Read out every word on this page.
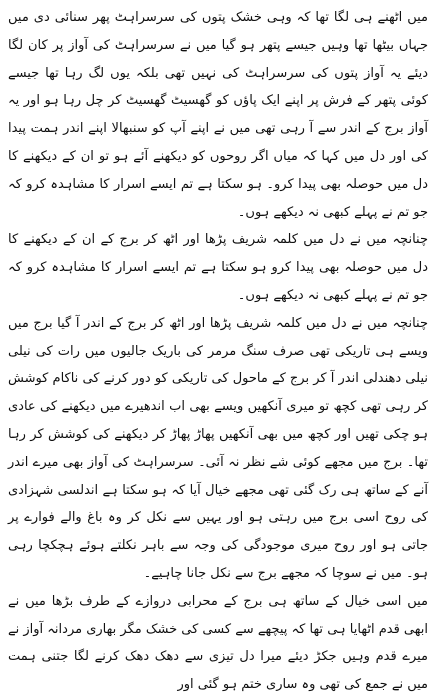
میں اٹھنے ہی لگا تھا کہ وہی خشک پتوں کی سرسراہٹ پھر سنائی دی میں جہاں بیٹھا تھا وہیں جیسے پتھر ہو گیا میں نے سرسراہٹ کی آواز پر کان لگا دیئے یہ آواز پتوں کی سرسراہٹ کی نہیں تھی بلکہ یوں لگ رہا تھا جیسے کوئی پتھر کے فرش پر اپنے ایک پاؤں کو گھسیٹ گھسیٹ کر چل رہا ہو اور یہ آواز برج کے اندر سے آ رہی تھی میں نے اپنے آپ کو سنبھالا اپنے اندر ہمت پیدا کی اور دل میں کہا کہ میاں اگر روحوں کو دیکھنے آئے ہو تو ان کے دیکھنے کا دل میں حوصلہ بھی پیدا کرو۔ ہو سکتا ہے تم ایسے اسرار کا مشاہدہ کرو کہ جو تم نے پہلے کبھی نہ دیکھے ہوں۔

چنانچہ میں نے دل میں کلمہ شریف پڑھا اور اٹھ کر برج کے ان کے دیکھنے کا دل میں حوصلہ بھی پیدا کرو ہو سکتا ہے تم ایسے اسرار کا مشاہدہ کرو کہ جو تم نے پہلے کبھی نہ دیکھے ہوں۔

چنانچہ میں نے دل میں کلمہ شریف پڑھا اور اٹھ کر برج کے اندر آ گیا برج میں ویسے ہی تاریکی تھی صرف سنگ مرمر کی باریک جالیوں میں رات کی نیلی نیلی دھندلی اندر آ کر برج کے ماحول کی تاریکی کو دور کرنے کی ناکام کوشش کر رہی تھی کچھ تو میری آنکھیں ویسے بھی اب اندھیرے میں دیکھنے کی عادی ہو چکی تھیں اور کچھ میں بھی آنکھیں پھاڑ پھاڑ کر دیکھنے کی کوشش کر رہا تھا۔ برج میں مجھے کوئی شے نظر نہ آئی۔ سرسراہٹ کی آواز بھی میرے اندر آنے کے ساتھ ہی رک گئی تھی مجھے خیال آیا کہ ہو سکتا ہے اندلسی شہزادی کی روح اسی برج میں رہتی ہو اور یہیں سے نکل کر وہ باغ والے فوارے پر جاتی ہو اور روح میری موجودگی کی وجہ سے باہر نکلتے ہوئے ہچکچا رہی ہو۔ میں نے سوچا کہ مجھے برج سے نکل جانا چاہیے۔

میں اسی خیال کے ساتھ ہی برج کے محرابی دروازے کے طرف بڑھا میں نے ابھی قدم اٹھایا ہی تھا کہ پیچھے سے کسی کی خشک مگر بھاری مردانہ آواز نے میرے قدم وہیں جکڑ دیئے میرا دل تیزی سے دھک دھک کرنے لگا جتنی ہمت میں نے جمع کی تھی وہ ساری ختم ہو گئی اور
